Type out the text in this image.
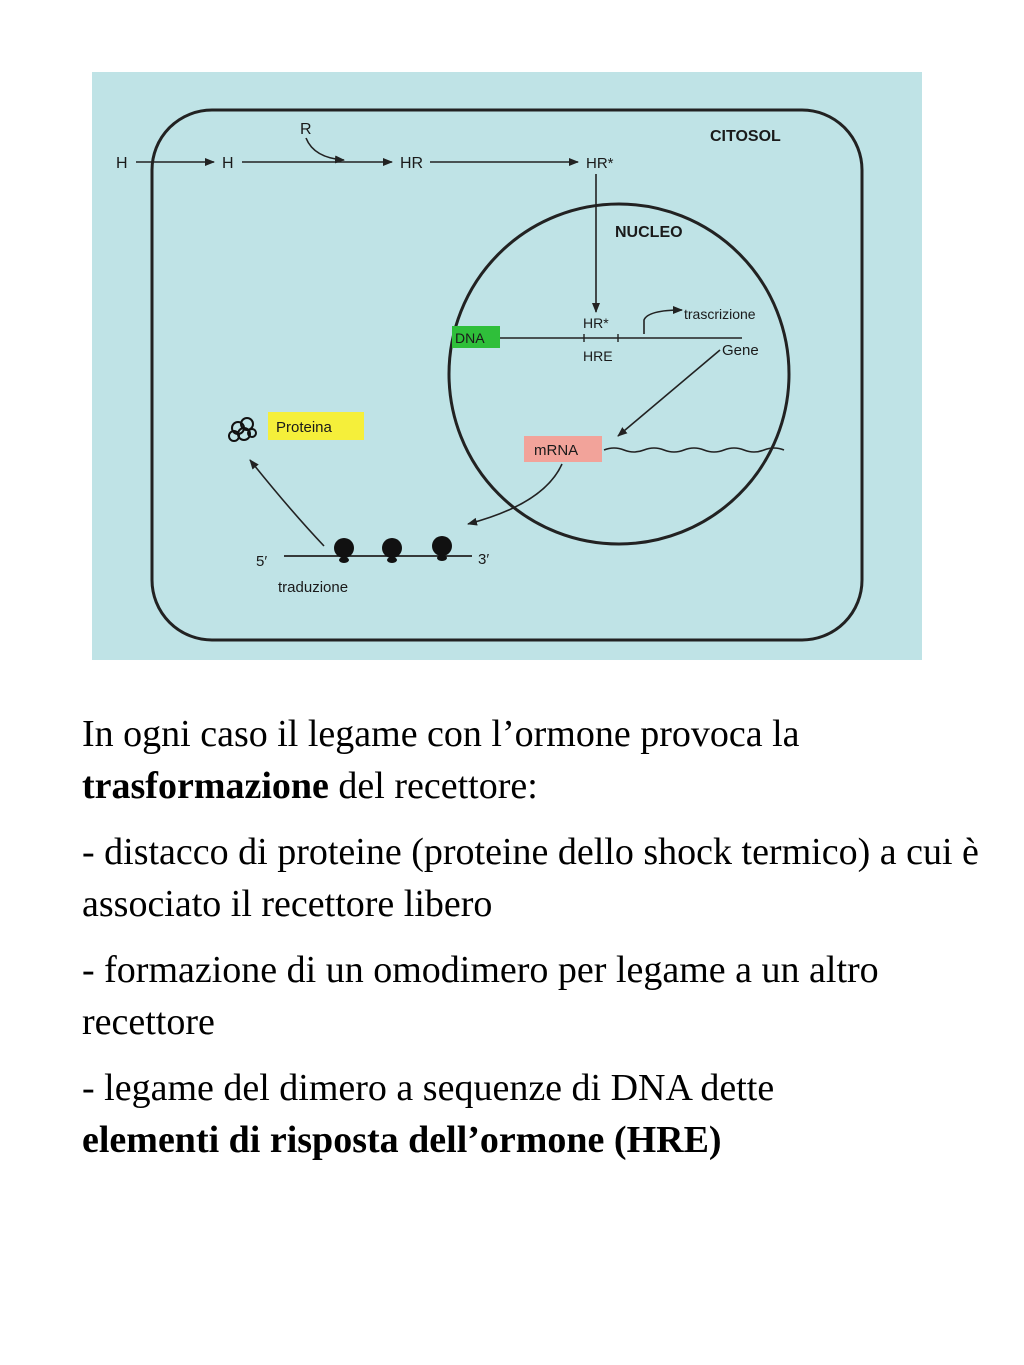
CITOSOL
NUCLEO
H	H
R
HR	HR*
DNA
HR*
HRE
trascrizione
Gene
mRNA
5′	3′
traduzione
Proteina

In ogni caso il legame con l’ormone provoca la
trasformazione del recettore:

- distacco di proteine (proteine dello shock termico) a cui è associato il recettore libero

- formazione di un omodimero per legame a un altro recettore

- legame del dimero a sequenze di DNA dette
elementi di risposta dell’ormone (HRE)
